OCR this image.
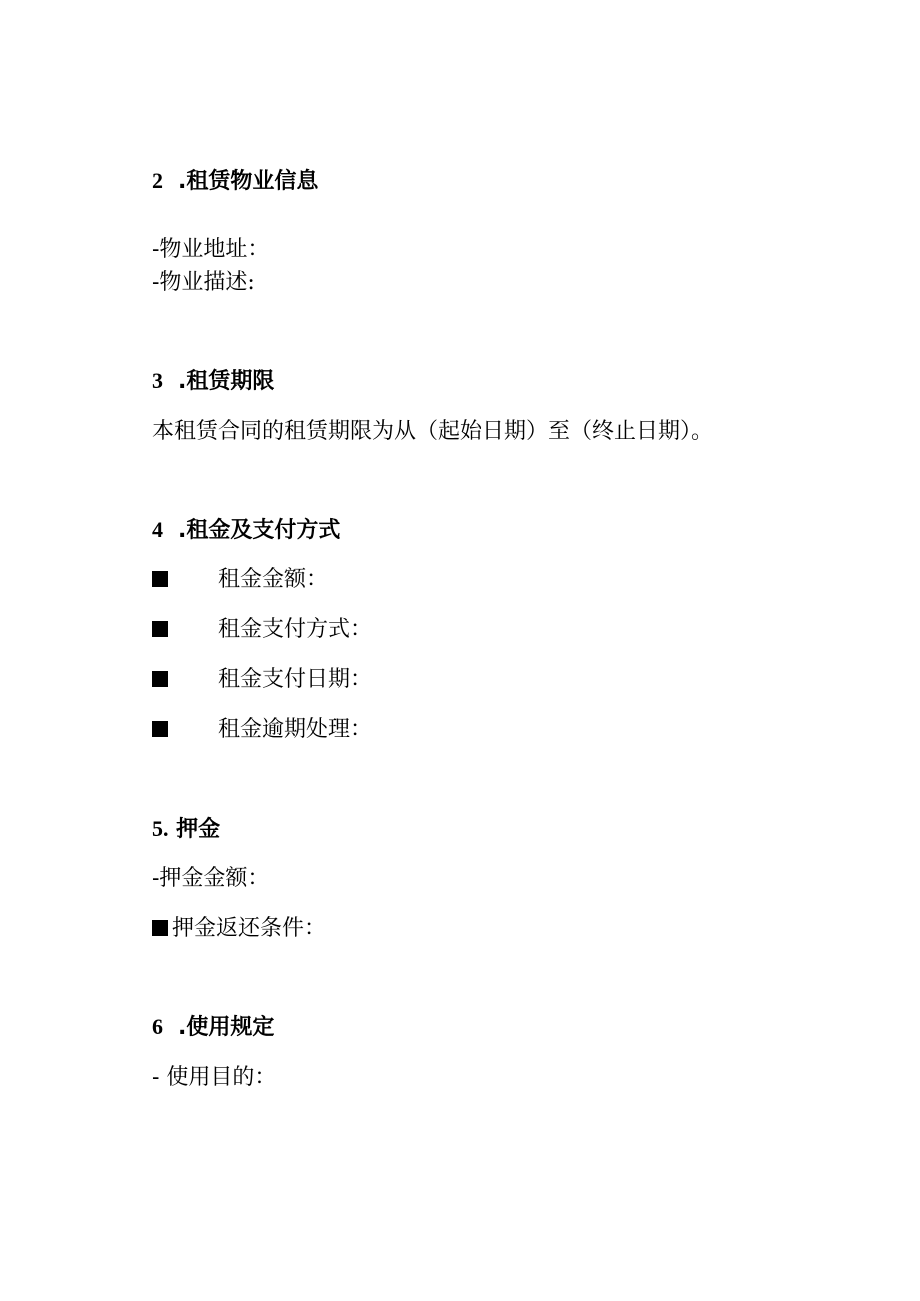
2 .租赁物业信息
-物业地址：
-物业描述:
3 .租赁期限
本租赁合同的租赁期限为从（起始日期）至（终止日期）。
4 .租金及支付方式
租金金额：
租金支付方式：
租金支付日期：
租金逾期处理：
5. 押金
-押金金额：
押金返还条件：
6 .使用规定
- 使用目的：
